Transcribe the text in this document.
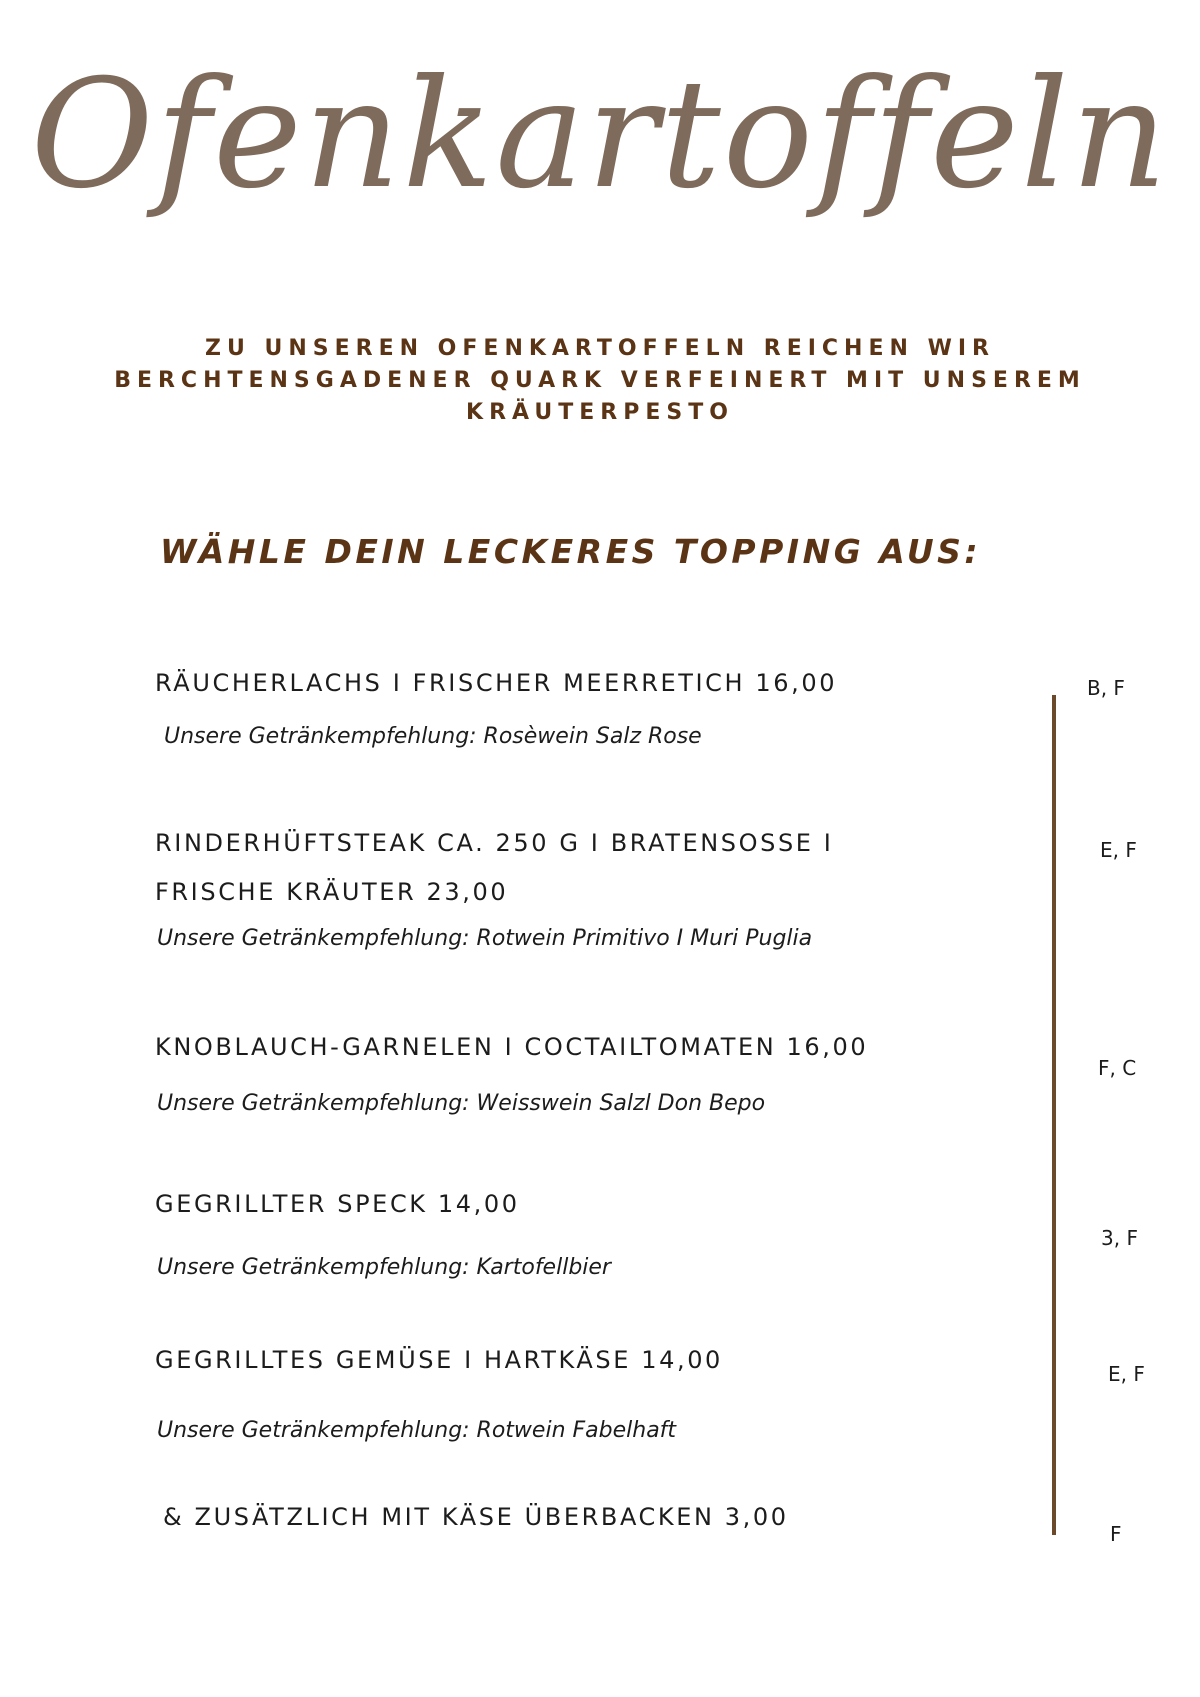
Ofenkartoffeln
ZU UNSEREN OFENKARTOFFELN REICHEN WIR BERCHTENSGADENER QUARK VERFEINERT MIT UNSEREM KRÄUTERPESTO
WÄHLE DEIN LECKERES TOPPING AUS:
RÄUCHERLACHS I FRISCHER MEERRETICH 16,00
Unsere Getränkempfehlung: Rosèwein Salz Rose
B, F
RINDERHÜFTSTEAK CA. 250 G I BRATENSOSSE I
FRISCHE KRÄUTER 23,00
Unsere Getränkempfehlung: Rotwein Primitivo I Muri Puglia
E, F
KNOBLAUCH-GARNELEN I COCTAILTOMATEN 16,00
Unsere Getränkempfehlung: Weisswein Salzl Don Bepo
F, C
GEGRILLTER SPECK 14,00
Unsere Getränkempfehlung: Kartofellbier
3, F
GEGRILLTES GEMÜSE I HARTKÄSE 14,00
Unsere Getränkempfehlung: Rotwein Fabelhaft
E, F
& ZUSÄTZLICH MIT KÄSE ÜBERBACKEN 3,00
F
